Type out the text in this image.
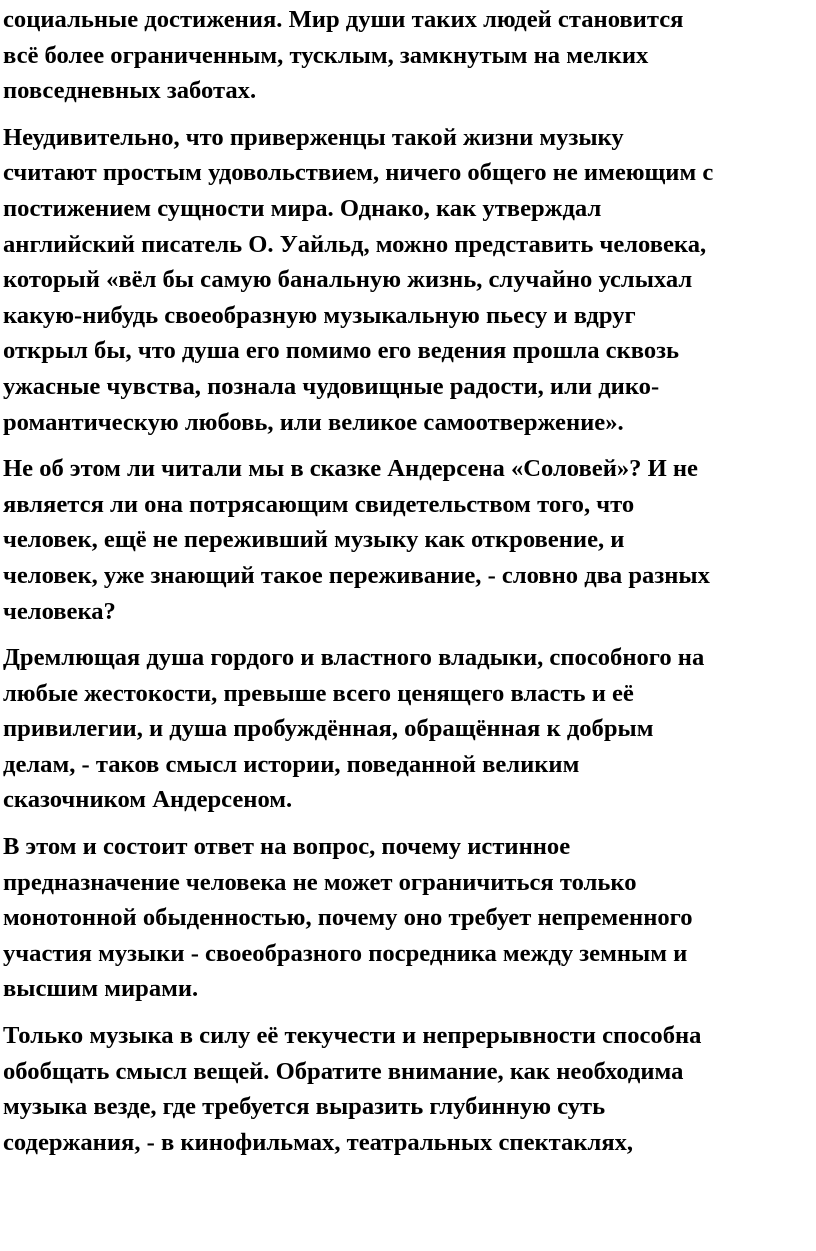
социальные достижения. Мир души таких людей становится
всё более ограниченным, тусклым, замкнутым на мелких
повседневных заботах.

Неудивительно, что приверженцы такой жизни музыку
считают простым удовольствием, ничего общего не имеющим с
постижением сущности мира. Однако, как утверждал
английский писатель О. Уайльд, можно представить человека,
который «вёл бы самую банальную жизнь, случайно услыхал
какую-нибудь своеобразную музыкальную пьесу и вдруг
открыл бы, что душа его помимо его ведения прошла сквозь
ужасные чувства, познала чудовищные радости, или дико-
романтическую любовь, или великое самоотвержение».

Не об этом ли читали мы в сказке Андерсена «Соловей»? И не
является ли она потрясающим свидетельством того, что
человек, ещё не переживший музыку как откровение, и
человек, уже знающий такое переживание, - словно два разных
человека?

Дремлющая душа гордого и властного владыки, способного на
любые жестокости, превыше всего ценящего власть и её
привилегии, и душа пробуждённая, обращённая к добрым
делам, - таков смысл истории, поведанной великим
сказочником Андерсеном.

В этом и состоит ответ на вопрос, почему истинное
предназначение человека не может ограничиться только
монотонной обыденностью, почему оно требует непременного
участия музыки - своеобразного посредника между земным и
высшим мирами.

Только музыка в силу её текучести и непрерывности способна
обобщать смысл вещей. Обратите внимание, как необходима
музыка везде, где требуется выразить глубинную суть
содержания, - в кинофильмах, театральных спектаклях,
